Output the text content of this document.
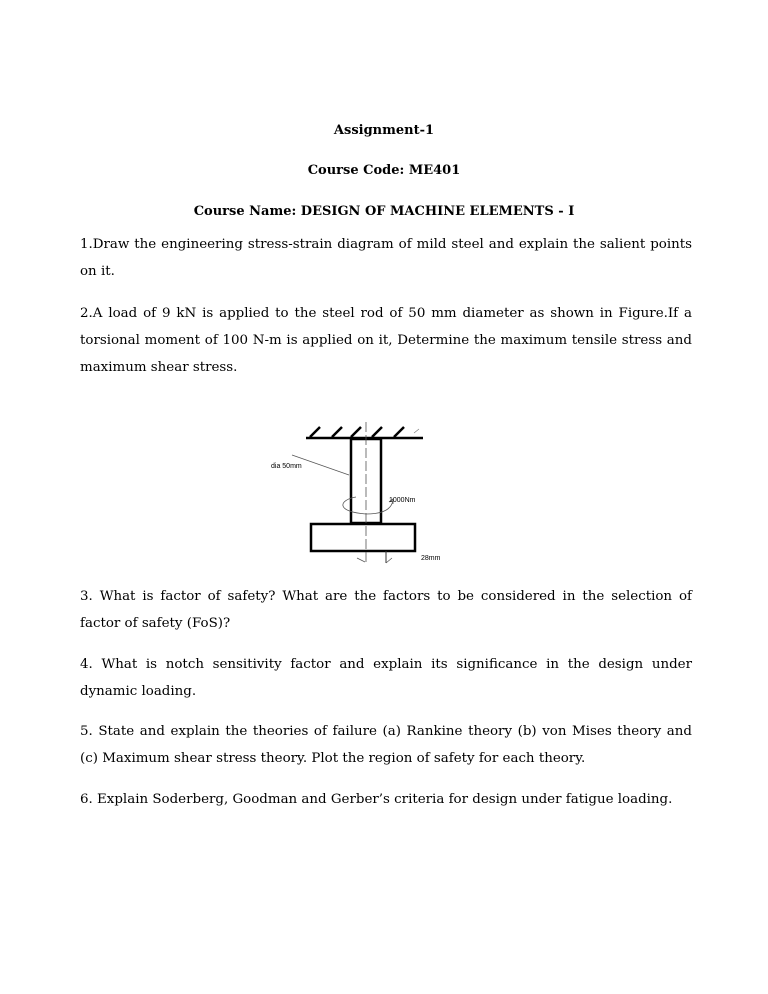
Assignment-1
Course Code: ME401
Course Name: DESIGN OF MACHINE ELEMENTS - I
1.Draw the engineering stress-strain diagram of mild steel and explain the salient points on it.
2.A load of 9 kN is applied to the steel rod of 50 mm diameter as shown in Figure.If a torsional moment of 100 N-m is applied on it, Determine the maximum tensile stress and maximum shear stress.
dia 50mm
1000Nm
28mm
3. What is factor of safety? What are the factors to be considered in the selection of factor of safety (FoS)?
4. What is notch sensitivity factor and explain its significance in the design under dynamic loading.
5. State and explain the theories of failure (a) Rankine theory (b) von Mises theory and (c) Maximum shear stress theory. Plot the region of safety for each theory.
6. Explain Soderberg, Goodman and Gerber’s criteria for design under fatigue loading.
